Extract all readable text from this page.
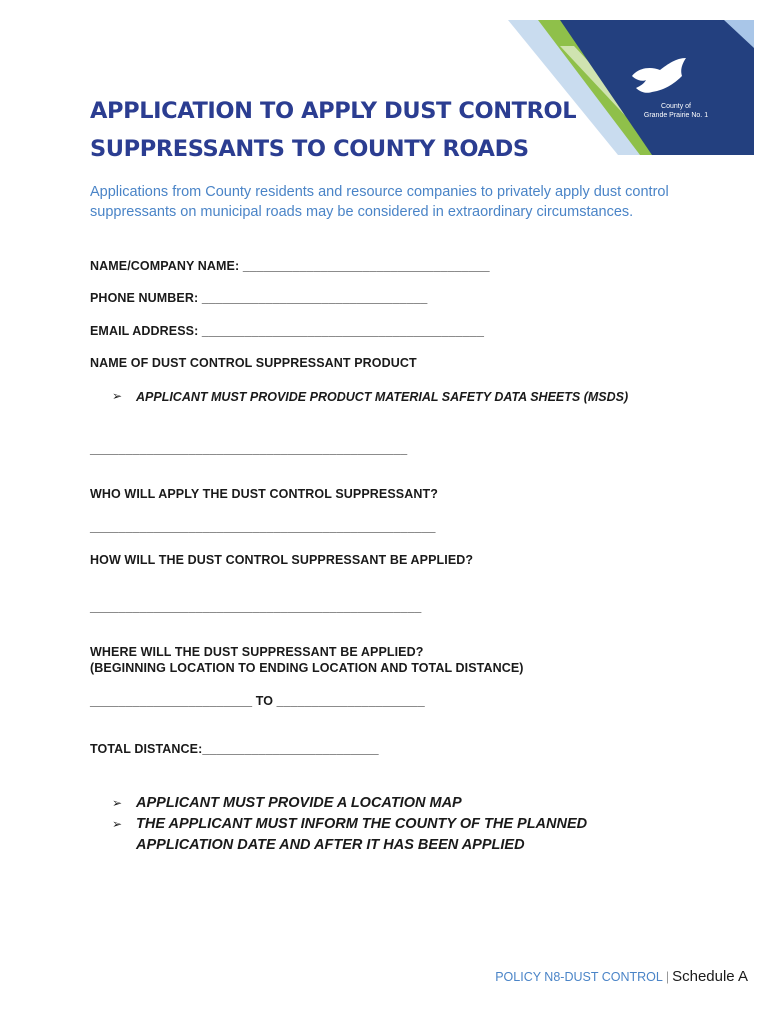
County of
Grande Prairie No. 1
APPLICATION TO APPLY DUST CONTROL
SUPPRESSANTS TO COUNTY ROADS
Applications from County residents and resource companies to privately apply dust control suppressants on municipal roads may be considered in extraordinary circumstances.
NAME/COMPANY NAME: ___________________________________
PHONE NUMBER: ________________________________
EMAIL ADDRESS: ________________________________________
NAME OF DUST CONTROL SUPPRESSANT PRODUCT
➢ APPLICANT MUST PROVIDE PRODUCT MATERIAL SAFETY DATA SHEETS (MSDS)
_____________________________________________
WHO WILL APPLY THE DUST CONTROL SUPPRESSANT?
_________________________________________________
HOW WILL THE DUST CONTROL SUPPRESSANT BE APPLIED?
_______________________________________________
WHERE WILL THE DUST SUPPRESSANT BE APPLIED?
(BEGINNING LOCATION TO ENDING LOCATION AND TOTAL DISTANCE)
_______________________ TO _____________________
TOTAL DISTANCE:_________________________
➢ APPLICANT MUST PROVIDE A LOCATION MAP
➢ THE APPLICANT MUST INFORM THE COUNTY OF THE PLANNED
APPLICATION DATE AND AFTER IT HAS BEEN APPLIED
POLICY N8-DUST CONTROL | Schedule A
